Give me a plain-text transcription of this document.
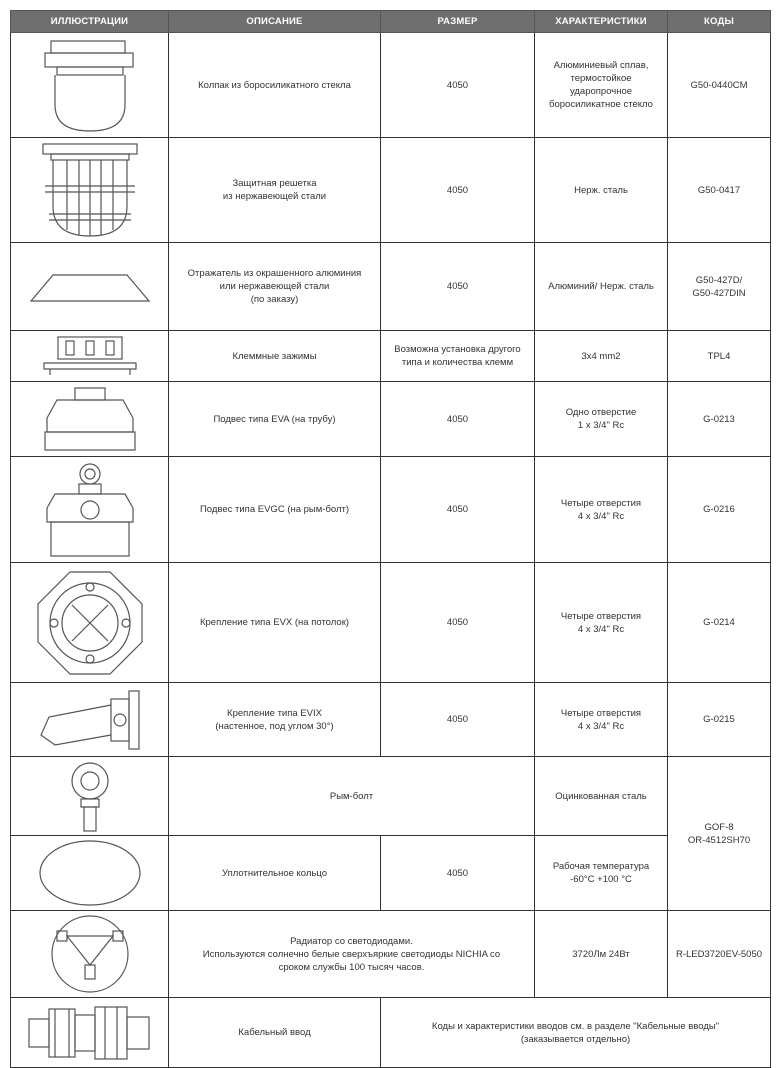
ИЛЛЮСТРАЦИИ	ОПИСАНИЕ	РАЗМЕР	ХАРАКТЕРИСТИКИ	КОДЫ

	Колпак из боросиликатного стекла	4050	Алюминиевый сплав,
термостойкое
ударопрочное
боросиликатное стекло	G50-0440CM

	Защитная решетка
из нержавеющей стали	4050	Нерж. сталь	G50-0417

	Отражатель из окрашенного алюминия
или нержавеющей стали
(по заказу)	4050	Алюминий/ Нерж. сталь	G50-427D/
G50-427DIN

	Клеммные зажимы	Возможна установка другого
типа и количества клемм	3x4 mm2	TPL4

	Подвес типа EVA (на трубу)	4050	Одно отверстие
1 x 3/4" Rc	G-0213

	Подвес типа EVGC (на рым-болт)	4050	Четыре отверстия
4 x 3/4" Rc	G-0216

	Крепление типа EVX (на потолок)	4050	Четыре отверстия
4 x 3/4" Rc	G-0214

	Крепление типа EVIX
(настенное, под углом 30°)	4050	Четыре отверстия
4 x 3/4" Rc	G-0215

	Рым-болт		Оцинкованная сталь	GOF-8
OR-4512SH70

	Уплотнительное кольцо	4050	Рабочая температура
-60°C +100 °C	

	Радиатор со светодиодами.
Используются солнечно белые сверхъяркие светодиоды NICHIA со
сроком службы 100 тысяч часов.		3720Лм 24Вт	R-LED3720EV-5050

	Кабельный ввод	Коды и характеристики вводов см. в разделе "Кабельные вводы"
(заказывается отдельно)		
